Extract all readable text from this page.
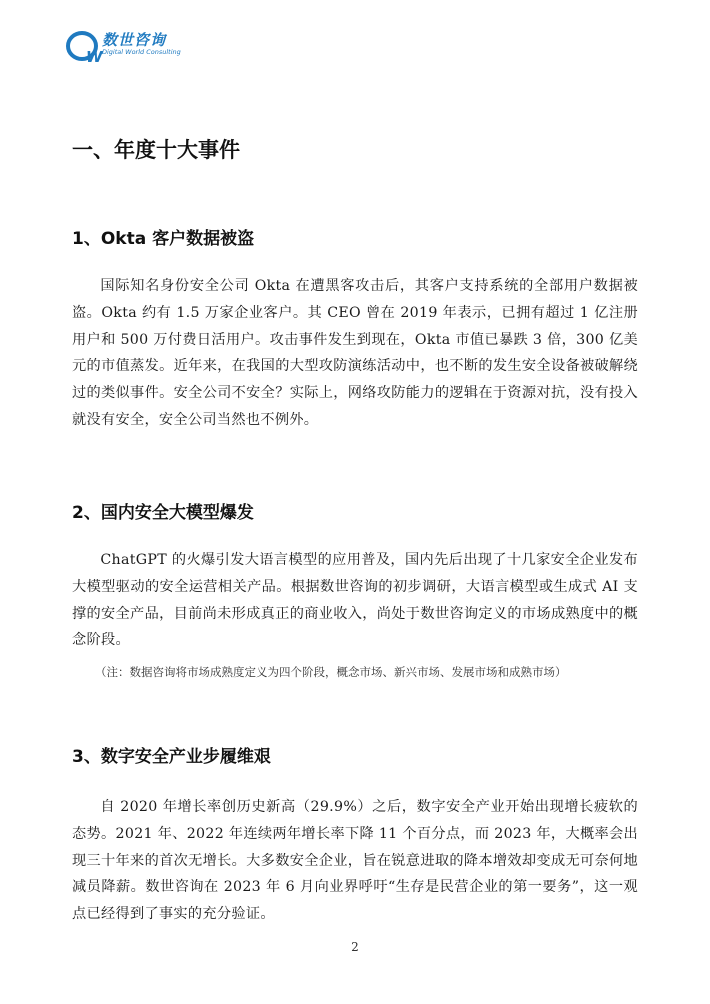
W
数世咨询
Digital World Consulting
一、年度十大事件
1、Okta 客户数据被盗

国际知名身份安全公司 Okta 在遭黑客攻击后，其客户支持系统的全部用户数据被盗。Okta 约有 1.5 万家企业客户。其 CEO 曾在 2019 年表示，已拥有超过 1 亿注册用户和 500 万付费日活用户。攻击事件发生到现在，Okta 市值已暴跌 3 倍，300 亿美元的市值蒸发。近年来，在我国的大型攻防演练活动中，也不断的发生安全设备被破解绕过的类似事件。安全公司不安全？实际上，网络攻防能力的逻辑在于资源对抗，没有投入就没有安全，安全公司当然也不例外。

2、国内安全大模型爆发

ChatGPT 的火爆引发大语言模型的应用普及，国内先后出现了十几家安全企业发布大模型驱动的安全运营相关产品。根据数世咨询的初步调研，大语言模型或生成式 AI 支撑的安全产品，目前尚未形成真正的商业收入，尚处于数世咨询定义的市场成熟度中的概念阶段。

（注：数据咨询将市场成熟度定义为四个阶段，概念市场、新兴市场、发展市场和成熟市场）

3、数字安全产业步履维艰

自 2020 年增长率创历史新高（29.9%）之后，数字安全产业开始出现增长疲软的态势。2021 年、2022 年连续两年增长率下降 11 个百分点，而 2023 年，大概率会出现三十年来的首次无增长。大多数安全企业，旨在锐意进取的降本增效却变成无可奈何地减员降薪。数世咨询在 2023 年 6 月向业界呼吁“生存是民营企业的第一要务”，这一观点已经得到了事实的充分验证。

2
